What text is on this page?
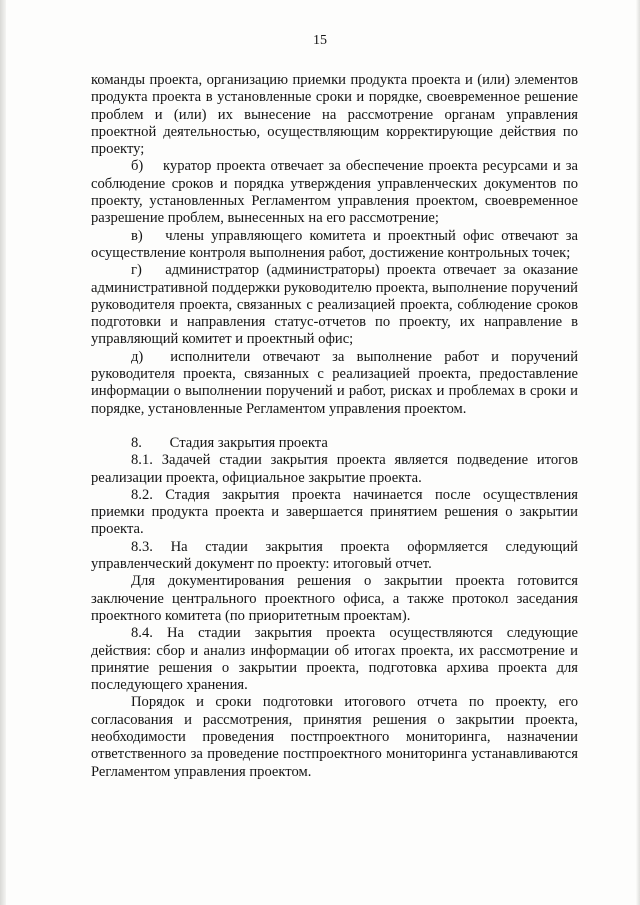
15

команды проекта, организацию приемки продукта проекта и (или) элементов продукта проекта в установленные сроки и порядке, своевременное решение проблем и (или) их вынесение на рассмотрение органам управления проектной деятельностью, осуществляющим корректирующие действия по проекту;

б) куратор проекта отвечает за обеспечение проекта ресурсами и за соблюдение сроков и порядка утверждения управленческих документов по проекту, установленных Регламентом управления проектом, своевременное разрешение проблем, вынесенных на его рассмотрение;

в) члены управляющего комитета и проектный офис отвечают за осуществление контроля выполнения работ, достижение контрольных точек;

г) администратор (администраторы) проекта отвечает за оказание административной поддержки руководителю проекта, выполнение поручений руководителя проекта, связанных с реализацией проекта, соблюдение сроков подготовки и направления статус-отчетов по проекту, их направление в управляющий комитет и проектный офис;

д) исполнители отвечают за выполнение работ и поручений руководителя проекта, связанных с реализацией проекта, предоставление информации о выполнении поручений и работ, рисках и проблемах в сроки и порядке, установленные Регламентом управления проектом.

8. Стадия закрытия проекта

8.1. Задачей стадии закрытия проекта является подведение итогов реализации проекта, официальное закрытие проекта.

8.2. Стадия закрытия проекта начинается после осуществления приемки продукта проекта и завершается принятием решения о закрытии проекта.

8.3. На стадии закрытия проекта оформляется следующий управленческий документ по проекту: итоговый отчет.

Для документирования решения о закрытии проекта готовится заключение центрального проектного офиса, а также протокол заседания проектного комитета (по приоритетным проектам).

8.4. На стадии закрытия проекта осуществляются следующие действия: сбор и анализ информации об итогах проекта, их рассмотрение и принятие решения о закрытии проекта, подготовка архива проекта для последующего хранения.

Порядок и сроки подготовки итогового отчета по проекту, его согласования и рассмотрения, принятия решения о закрытии проекта, необходимости проведения постпроектного мониторинга, назначении ответственного за проведение постпроектного мониторинга устанавливаются Регламентом управления проектом.
